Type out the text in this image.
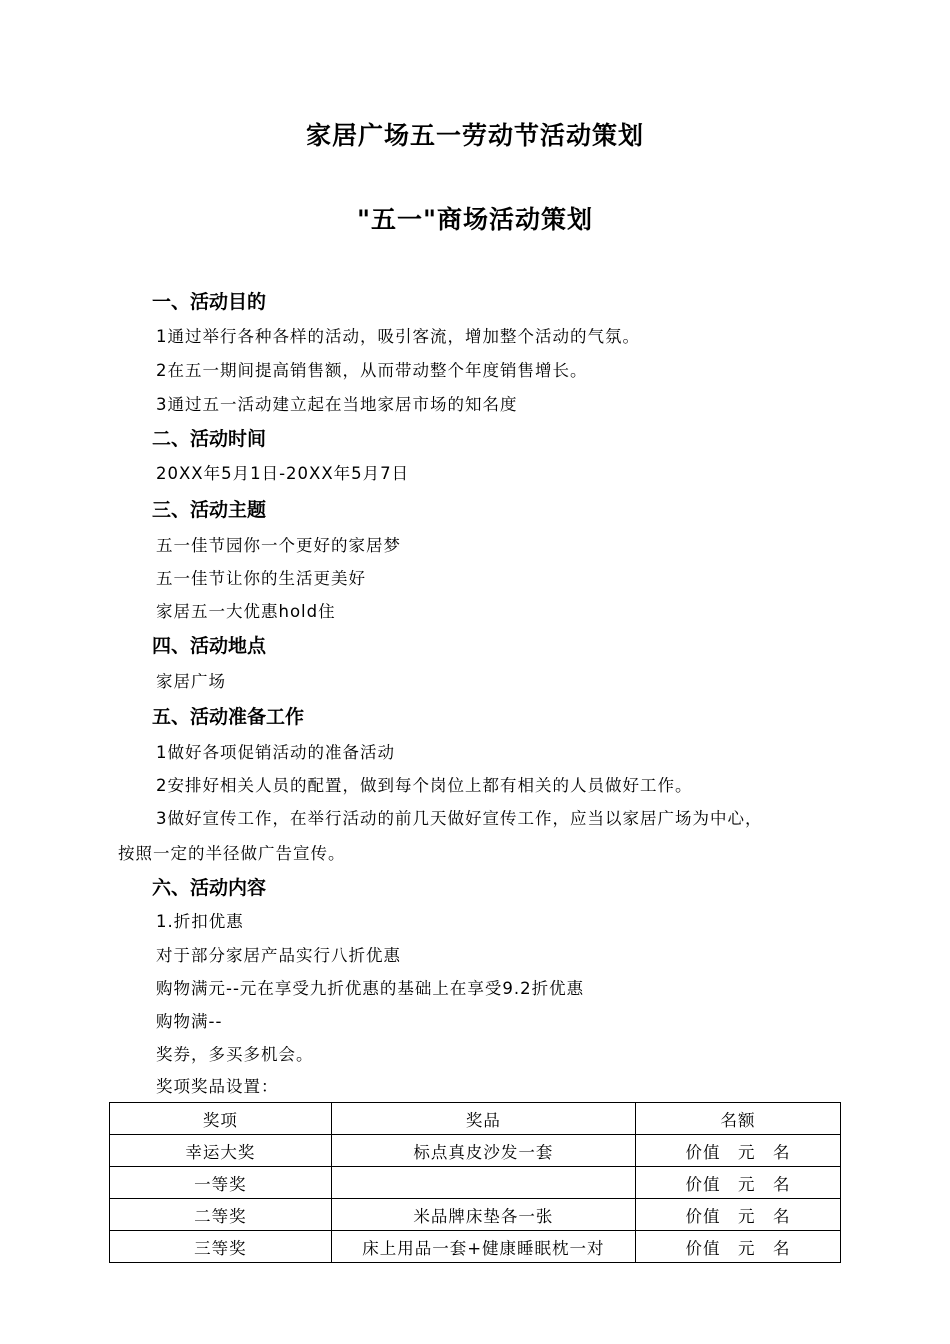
家居广场五一劳动节活动策划
"五一"商场活动策划
一、活动目的
1通过举行各种各样的活动，吸引客流，增加整个活动的气氛。
2在五一期间提高销售额，从而带动整个年度销售增长。
3通过五一活动建立起在当地家居市场的知名度
二、活动时间
20XX年5月1日-20XX年5月7日
三、活动主题
五一佳节园你一个更好的家居梦
五一佳节让你的生活更美好
家居五一大优惠hold住
四、活动地点
家居广场
五、活动准备工作
1做好各项促销活动的准备活动
2安排好相关人员的配置，做到每个岗位上都有相关的人员做好工作。
3做好宣传工作，在举行活动的前几天做好宣传工作，应当以家居广场为中心，
按照一定的半径做广告宣传。
六、活动内容
1.折扣优惠
对于部分家居产品实行八折优惠
购物满元--元在享受九折优惠的基础上在享受9.2折优惠
购物满--
奖券，多买多机会。
奖项奖品设置：
奖项	奖品	名额
幸运大奖	标点真皮沙发一套	价值　元　名
一等奖		价值　元　名
二等奖	米品牌床垫各一张	价值　元　名
三等奖	床上用品一套+健康睡眠枕一对	价值　元　名
